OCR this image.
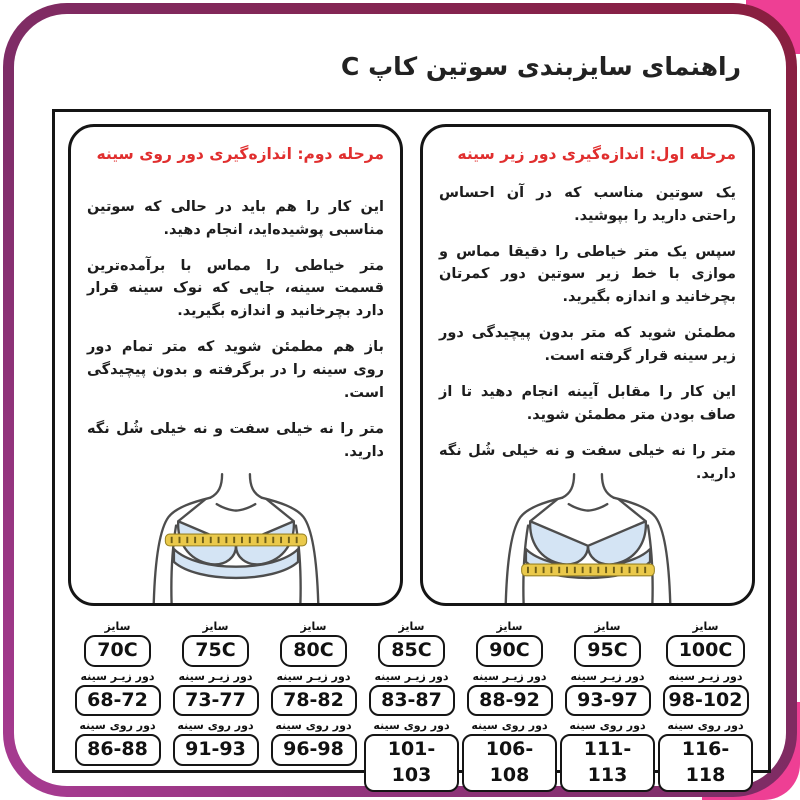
راهنمای سایزبندی سوتین کاپ C
مرحله اول: اندازه‌گیری دور زیر سینه

یک سوتین مناسب که در آن احساس راحتی دارید را بپوشید.

سپس یک متر خیاطی را دقیقا مماس و موازی با خط زیر سوتین دور کمرتان بچرخانید و اندازه بگیرید.

مطمئن شوید که متر بدون پیچیدگی دور زیر سینه قرار گرفته است.

این کار را مقابل آیینه انجام دهید تا از صاف بودن متر مطمئن شوید.

متر را نه خیلی سفت و نه خیلی شُل نگه دارید.

مرحله دوم: اندازه‌گیری دور روی سینه

این کار را هم باید در حالی که سوتین مناسبی پوشیده‌اید، انجام دهید.

متر خیاطی را مماس با برآمده‌ترین قسمت سینه، جایی که نوک سینه قرار دارد بچرخانید و اندازه بگیرید.

باز هم مطمئن شوید که متر تمام دور روی سینه را در برگرفته و بدون پیچیدگی است.

متر را نه خیلی سفت و نه خیلی شُل نگه دارید.

سایز
70C
دور زیـر سینه
68-72
دور روی سینه
86-88
سایز
75C
دور زیـر سینه
73-77
دور روی سینه
91-93
سایز
80C
دور زیـر سینه
78-82
دور روی سینه
96-98
سایز
85C
دور زیـر سینه
83-87
دور روی سینه
101-103
سایز
90C
دور زیـر سینه
88-92
دور روی سینه
106-108
سایز
95C
دور زیـر سینه
93-97
دور روی سینه
111-113
سایز
100C
دور زیـر سینه
98-102
دور روی سینه
116-118
